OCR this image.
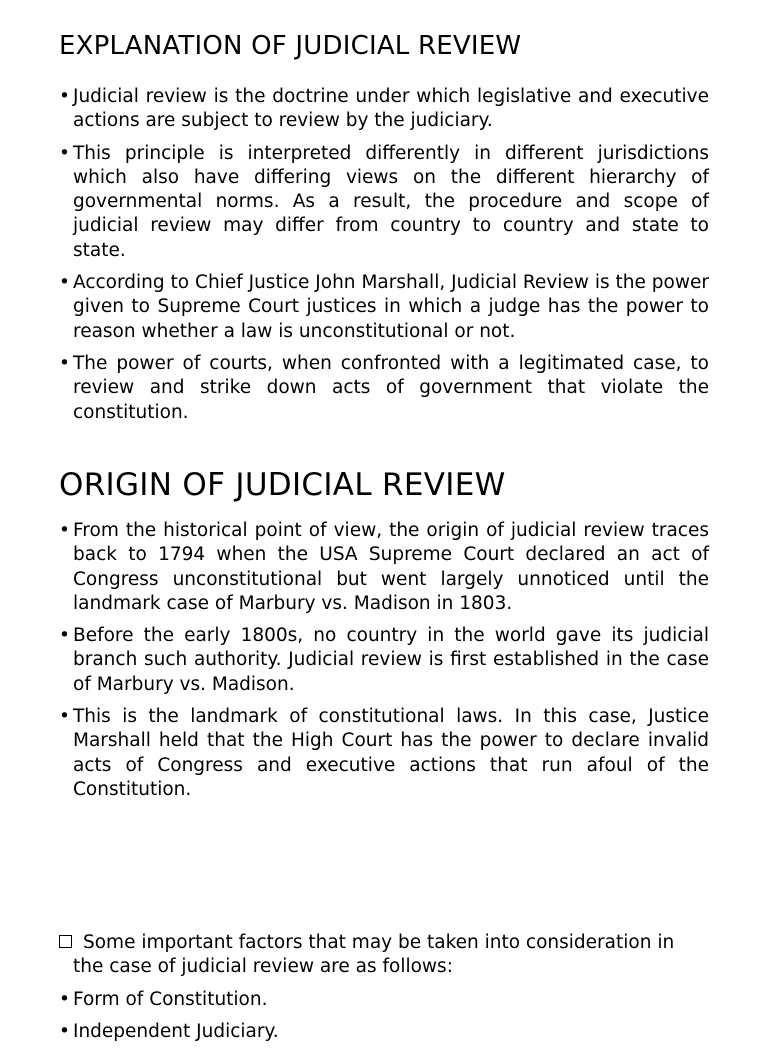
EXPLANATION OF JUDICIAL REVIEW
• Judicial review is the doctrine under which legislative and executive actions are subject to review by the judiciary.
• This principle is interpreted differently in different jurisdictions which also have differing views on the different hierarchy of governmental norms. As a result, the procedure and scope of judicial review may differ from country to country and state to state.
• According to Chief Justice John Marshall, Judicial Review is the power given to Supreme Court justices in which a judge has the power to reason whether a law is unconstitutional or not.
• The power of courts, when confronted with a legitimated case, to review and strike down acts of government that violate the constitution.
ORIGIN OF JUDICIAL REVIEW
• From the historical point of view, the origin of judicial review traces back to 1794 when the USA Supreme Court declared an act of Congress unconstitutional but went largely unnoticed until the landmark case of Marbury vs. Madison in 1803.
• Before the early 1800s, no country in the world gave its judicial branch such authority. Judicial review is first established in the case of Marbury vs. Madison.
• This is the landmark of constitutional laws. In this case, Justice Marshall held that the High Court has the power to declare invalid acts of Congress and executive actions that run afoul of the Constitution.
Some important factors that may be taken into consideration in the case of judicial review are as follows:
• Form of Constitution.
• Independent Judiciary.
